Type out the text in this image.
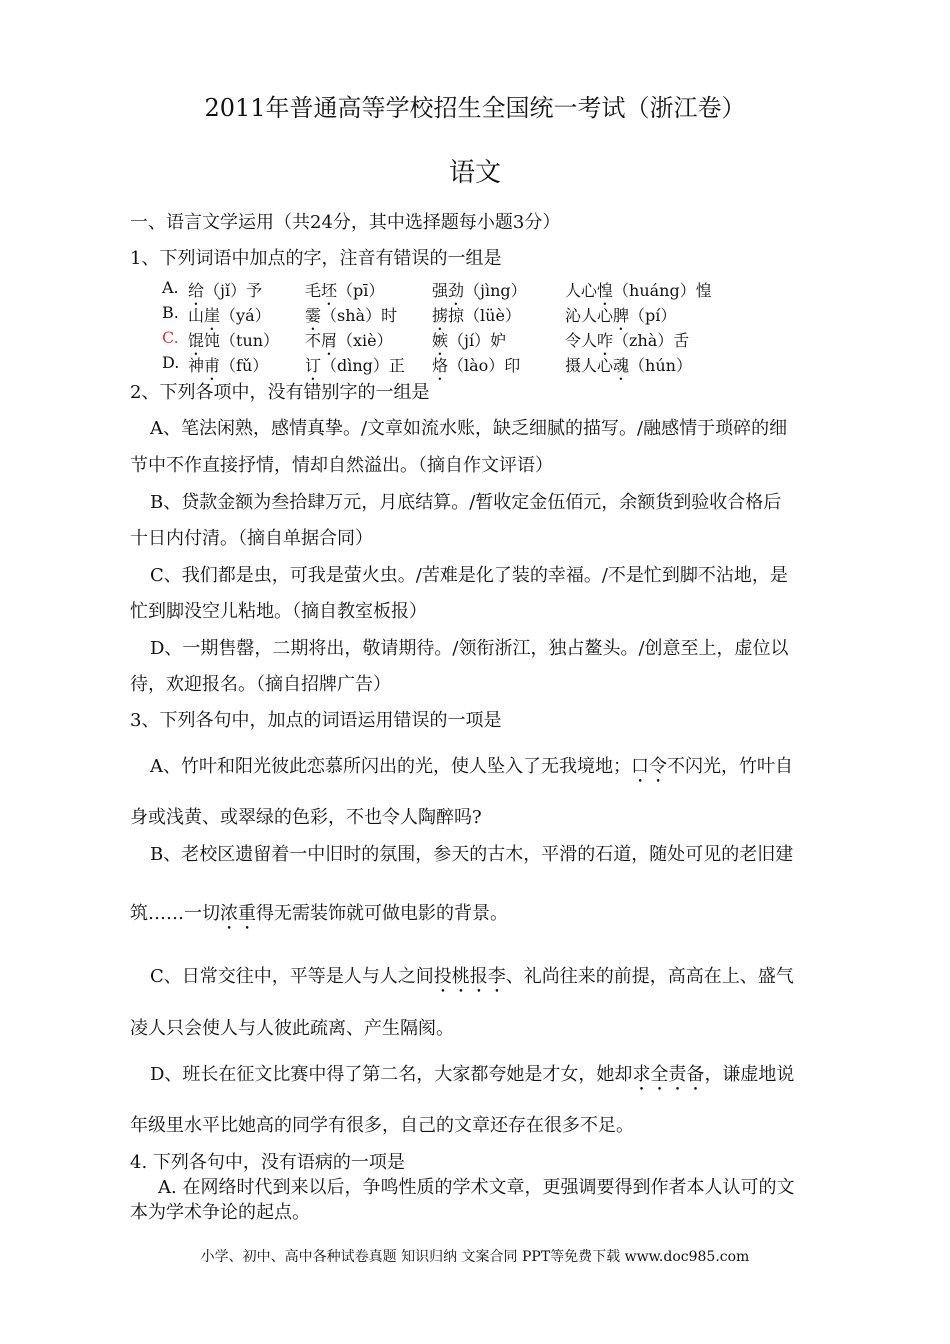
2011年普通高等学校招生全国统一考试（浙江卷）
语文
一、语言文学运用（共24分，其中选择题每小题3分）
1、下列词语中加点的字，注音有错误的一组是
A. 给（jǐ）予	毛坯（pī）	强劲（jìng） 人心惶（huáng）惶
B. 山崖（yá） 霎（shà）时 掳掠（lüè）	沁人心脾（pí）
C. 馄饨（tun） 不屑（xiè） 嫉（jí）妒	令人咋（zhà）舌
D. 神甫（fǔ） 订（dìng）正 烙（lào）印	摄人心魂（hún）
2、下列各项中，没有错别字的一组是
A、笔法闲熟，感情真挚。/文章如流水账，缺乏细腻的描写。/融感情于琐碎的细
节中不作直接抒情，情却自然溢出。（摘自作文评语）
B、贷款金额为叁拾肆万元，月底结算。/暂收定金伍佰元，余额货到验收合格后
十日内付清。（摘自单据合同）
C、我们都是虫，可我是萤火虫。/苦难是化了装的幸福。/不是忙到脚不沾地，是
忙到脚没空儿粘地。（摘自教室板报）
D、一期售罄，二期将出，敬请期待。/领衔浙江，独占鳌头。/创意至上，虚位以
待，欢迎报名。（摘自招牌广告）
3、下列各句中，加点的词语运用错误的一项是
A、竹叶和阳光彼此恋慕所闪出的光，使人坠入了无我境地；口令不闪光，竹叶自
身或浅黄、或翠绿的色彩，不也令人陶醉吗?
B、老校区遗留着一中旧时的氛围，参天的古木，平滑的石道，随处可见的老旧建
筑……一切浓重得无需装饰就可做电影的背景。
C、日常交往中，平等是人与人之间投桃报李、礼尚往来的前提，高高在上、盛气
凌人只会使人与人彼此疏离、产生隔阂。
D、班长在征文比赛中得了第二名，大家都夸她是才女，她却求全责备，谦虚地说
年级里水平比她高的同学有很多，自己的文章还存在很多不足。
4. 下列各句中，没有语病的一项是
A. 在网络时代到来以后，争鸣性质的学术文章，更强调要得到作者本人认可的文
本为学术争论的起点。
小学、初中、高中各种试卷真题 知识归纳 文案合同 PPT等免费下载 www.doc985.com
